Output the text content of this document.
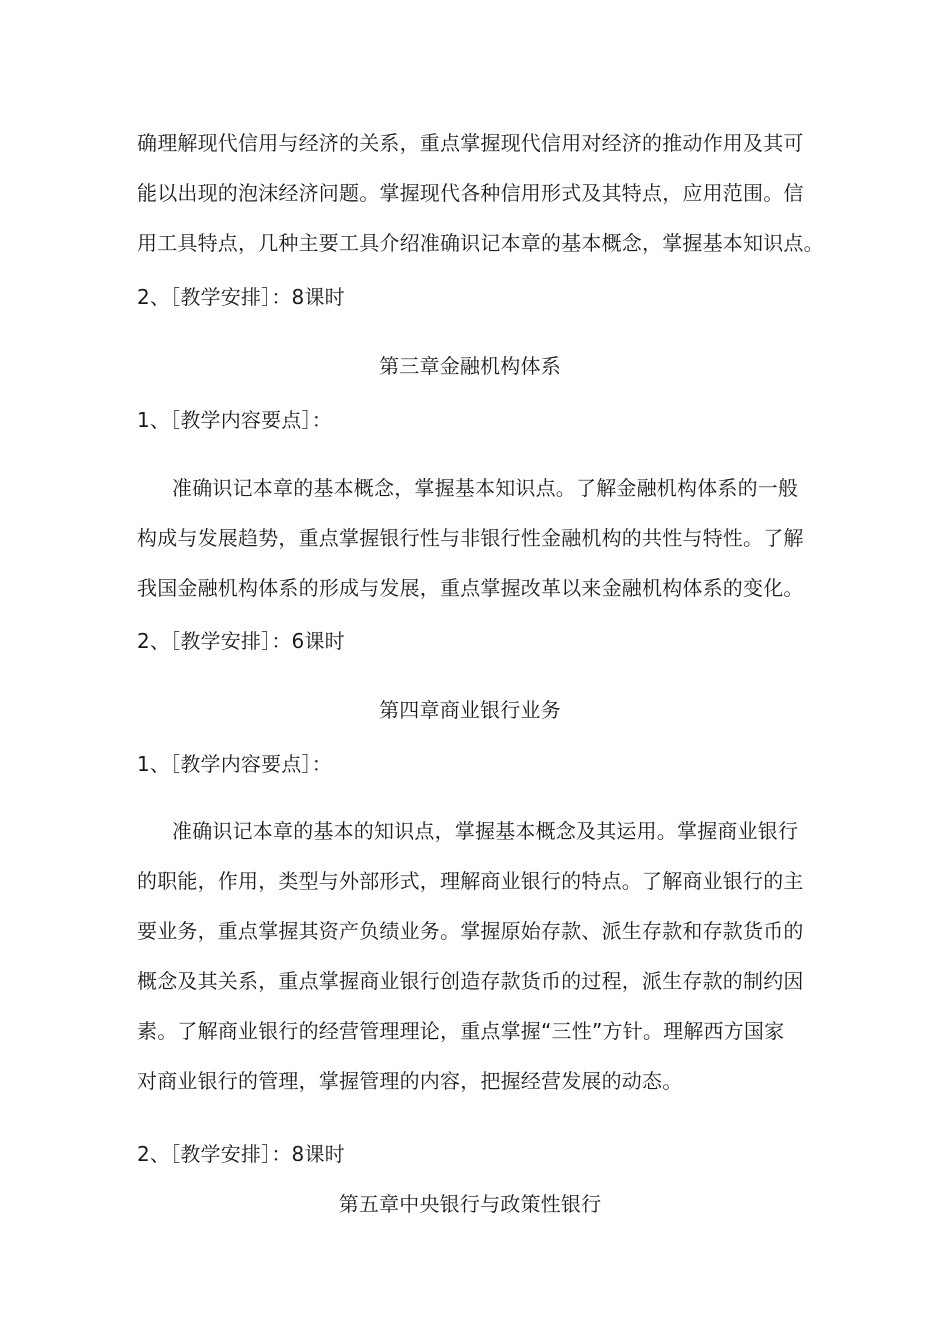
确理解现代信用与经济的关系，重点掌握现代信用对经济的推动作用及其可
能以出现的泡沫经济问题。掌握现代各种信用形式及其特点，应用范围。信
用工具特点，几种主要工具介绍准确识记本章的基本概念，掌握基本知识点。
2、［教学安排］：8课时
第三章金融机构体系
1、［教学内容要点］：
准确识记本章的基本概念，掌握基本知识点。了解金融机构体系的一般
构成与发展趋势，重点掌握银行性与非银行性金融机构的共性与特性。了解
我国金融机构体系的形成与发展，重点掌握改革以来金融机构体系的变化。
2、［教学安排］：6课时
第四章商业银行业务
1、［教学内容要点］：
准确识记本章的基本的知识点，掌握基本概念及其运用。掌握商业银行
的职能，作用，类型与外部形式，理解商业银行的特点。了解商业银行的主
要业务，重点掌握其资产负绩业务。掌握原始存款、派生存款和存款货币的
概念及其关系，重点掌握商业银行创造存款货币的过程，派生存款的制约因
素。了解商业银行的经营管理理论，重点掌握“三性”方针。理解西方国家
对商业银行的管理，掌握管理的内容，把握经营发展的动态。
2、［教学安排］：8课时
第五章中央银行与政策性银行
